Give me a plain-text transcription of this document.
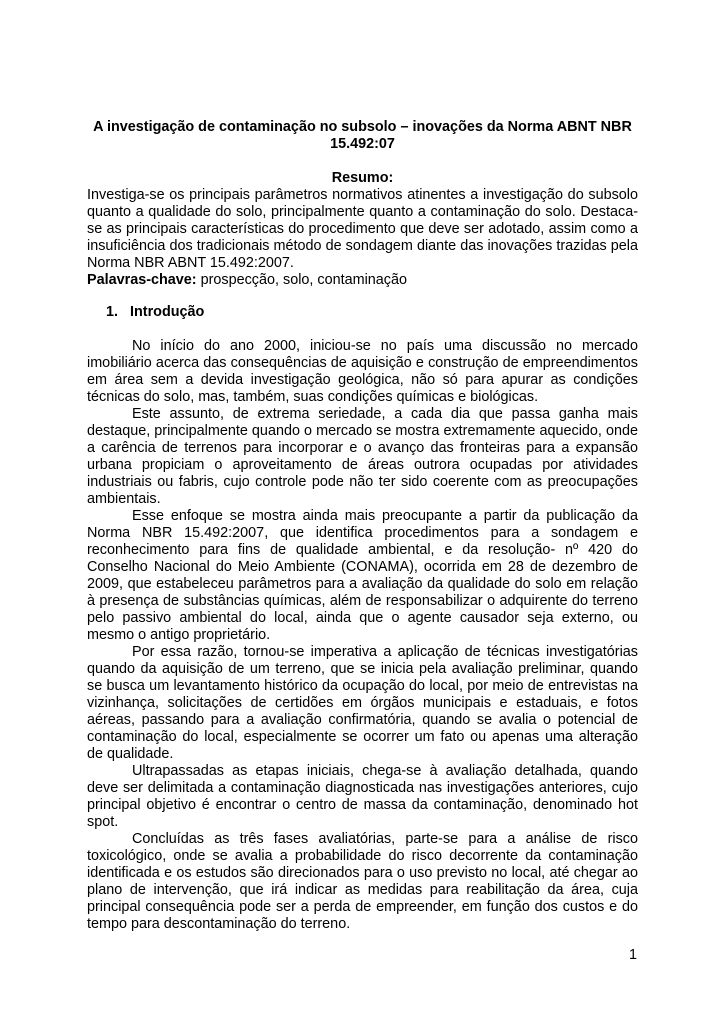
A investigação de contaminação no subsolo – inovações da Norma ABNT NBR 15.492:07

Resumo:

Investiga-se os principais parâmetros normativos atinentes a investigação do subsolo quanto a qualidade do solo, principalmente quanto a contaminação do solo. Destaca-se as principais características do procedimento que deve ser adotado, assim como a insuficiência dos tradicionais método de sondagem diante das inovações trazidas pela Norma NBR ABNT 15.492:2007.

Palavras-chave: prospecção, solo, contaminação

1. Introdução

No início do ano 2000, iniciou-se no país uma discussão no mercado imobiliário acerca das consequências de aquisição e construção de empreendimentos em área sem a devida investigação geológica, não só para apurar as condições técnicas do solo, mas, também, suas condições químicas e biológicas.

Este assunto, de extrema seriedade, a cada dia que passa ganha mais destaque, principalmente quando o mercado se mostra extremamente aquecido, onde a carência de terrenos para incorporar e o avanço das fronteiras para a expansão urbana propiciam o aproveitamento de áreas outrora ocupadas por atividades industriais ou fabris, cujo controle pode não ter sido coerente com as preocupações ambientais.

Esse enfoque se mostra ainda mais preocupante a partir da publicação da Norma NBR 15.492:2007, que identifica procedimentos para a sondagem e reconhecimento para fins de qualidade ambiental, e da resolução- nº 420 do Conselho Nacional do Meio Ambiente (CONAMA), ocorrida em 28 de dezembro de 2009, que estabeleceu parâmetros para a avaliação da qualidade do solo em relação à presença de substâncias químicas, além de responsabilizar o adquirente do terreno pelo passivo ambiental do local, ainda que o agente causador seja externo, ou mesmo o antigo proprietário.

Por essa razão, tornou-se imperativa a aplicação de técnicas investigatórias quando da aquisição de um terreno, que se inicia pela avaliação preliminar, quando se busca um levantamento histórico da ocupação do local, por meio de entrevistas na vizinhança, solicitações de certidões em órgãos municipais e estaduais, e fotos aéreas, passando para a avaliação confirmatória, quando se avalia o potencial de contaminação do local, especialmente se ocorrer um fato ou apenas uma alteração de qualidade.

Ultrapassadas as etapas iniciais, chega-se à avaliação detalhada, quando deve ser delimitada a contaminação diagnosticada nas investigações anteriores, cujo principal objetivo é encontrar o centro de massa da contaminação, denominado hot spot.

Concluídas as três fases avaliatórias, parte-se para a análise de risco toxicológico, onde se avalia a probabilidade do risco decorrente da contaminação identificada e os estudos são direcionados para o uso previsto no local, até chegar ao plano de intervenção, que irá indicar as medidas para reabilitação da área, cuja principal consequência pode ser a perda de empreender, em função dos custos e do tempo para descontaminação do terreno.

1
